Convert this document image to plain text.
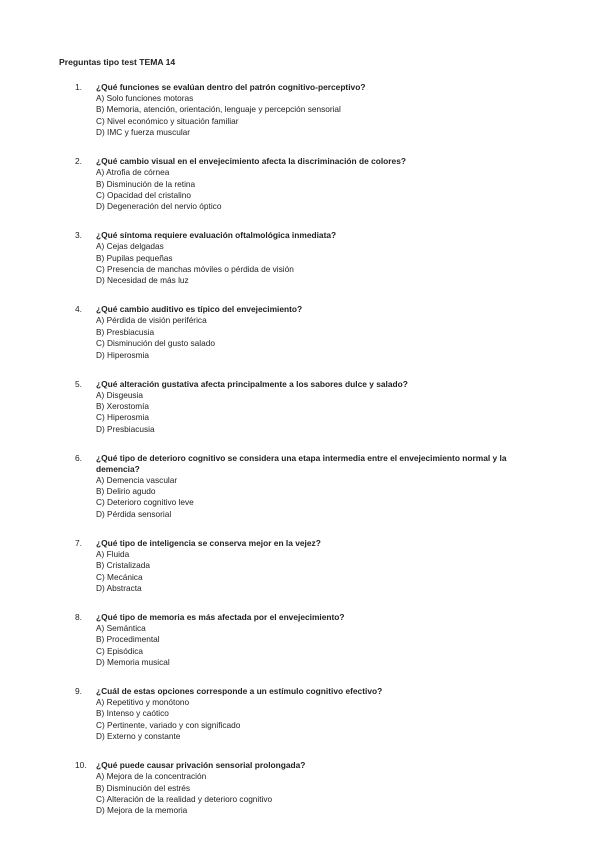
Preguntas tipo test TEMA 14
1. ¿Qué funciones se evalúan dentro del patrón cognitivo-perceptivo?
A) Solo funciones motoras
B) Memoria, atención, orientación, lenguaje y percepción sensorial
C) Nivel económico y situación familiar
D) IMC y fuerza muscular
2. ¿Qué cambio visual en el envejecimiento afecta la discriminación de colores?
A) Atrofia de córnea
B) Disminución de la retina
C) Opacidad del cristalino
D) Degeneración del nervio óptico
3. ¿Qué síntoma requiere evaluación oftalmológica inmediata?
A) Cejas delgadas
B) Pupilas pequeñas
C) Presencia de manchas móviles o pérdida de visión
D) Necesidad de más luz
4. ¿Qué cambio auditivo es típico del envejecimiento?
A) Pérdida de visión periférica
B) Presbiacusia
C) Disminución del gusto salado
D) Hiperosmia
5. ¿Qué alteración gustativa afecta principalmente a los sabores dulce y salado?
A) Disgeusia
B) Xerostomía
C) Hiperosmia
D) Presbiacusia
6. ¿Qué tipo de deterioro cognitivo se considera una etapa intermedia entre el envejecimiento normal y la demencia?
A) Demencia vascular
B) Delirio agudo
C) Deterioro cognitivo leve
D) Pérdida sensorial
7. ¿Qué tipo de inteligencia se conserva mejor en la vejez?
A) Fluida
B) Cristalizada
C) Mecánica
D) Abstracta
8. ¿Qué tipo de memoria es más afectada por el envejecimiento?
A) Semántica
B) Procedimental
C) Episódica
D) Memoria musical
9. ¿Cuál de estas opciones corresponde a un estímulo cognitivo efectivo?
A) Repetitivo y monótono
B) Intenso y caótico
C) Pertinente, variado y con significado
D) Externo y constante
10. ¿Qué puede causar privación sensorial prolongada?
A) Mejora de la concentración
B) Disminución del estrés
C) Alteración de la realidad y deterioro cognitivo
D) Mejora de la memoria
